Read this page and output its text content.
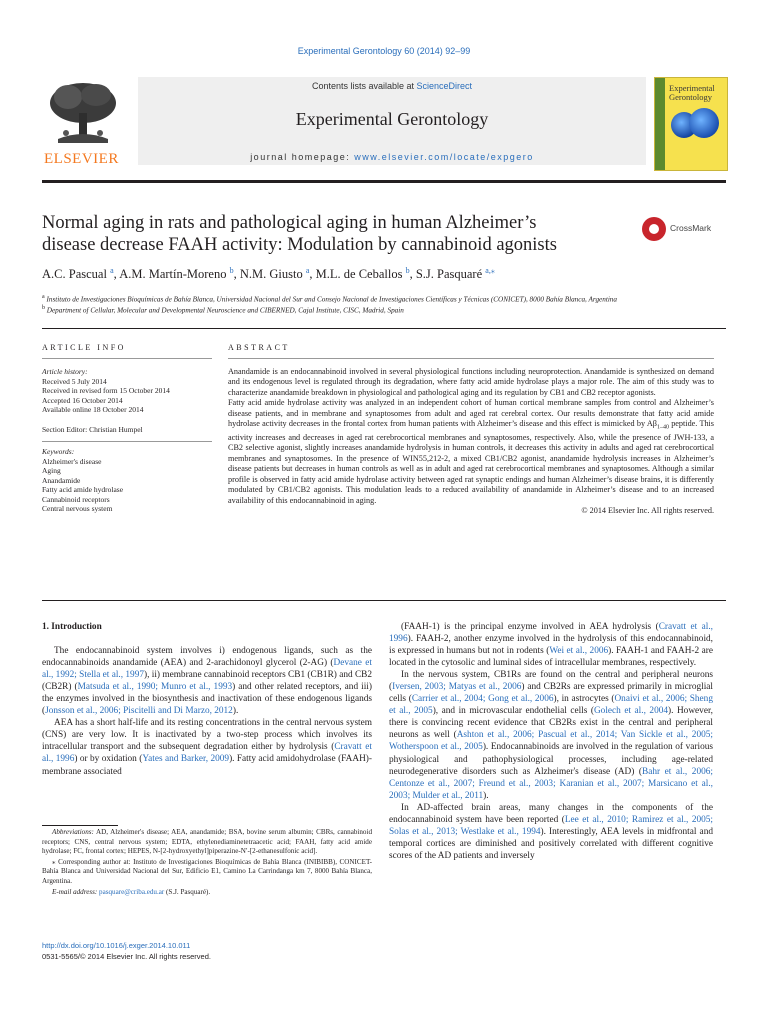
Experimental Gerontology 60 (2014) 92–99
ELSEVIER
Contents lists available at ScienceDirect
Experimental Gerontology
journal homepage: www.elsevier.com/locate/expgero
Experimental
Gerontology
Normal aging in rats and pathological aging in human Alzheimer’s
disease decrease FAAH activity: Modulation by cannabinoid agonists
CrossMark
A.C. Pascual $^a$, A.M. Martín-Moreno $^b$, N.M. Giusto $^a$, M.L. de Ceballos $^b$, S.J. Pasquaré $^{a,⁎}$
$^a$ Instituto de Investigaciones Bioquímicas de Bahía Blanca, Universidad Nacional del Sur and Consejo Nacional de Investigaciones Científicas y Técnicas (CONICET), 8000 Bahía Blanca, Argentina
$^b$ Department of Cellular, Molecular and Developmental Neuroscience and CIBERNED, Cajal Institute, CISC, Madrid, Spain
ARTICLE INFO	ABSTRACT
Article history:
Received 5 July 2014
Received in revised form 15 October 2014
Accepted 16 October 2014
Available online 18 October 2014
Section Editor: Christian Humpel
Keywords:
Alzheimer's disease
Aging
Anandamide
Fatty acid amide hydrolase
Cannabinoid receptors
Central nervous system

Anandamide is an endocannabinoid involved in several physiological functions including neuroprotection. Anandamide is synthesized on demand and its endogenous level is regulated through its degradation, where fatty acid amide hydrolase plays a major role. The aim of this study was to characterize anandamide breakdown in physiological and pathological aging and its regulation by CB1 and CB2 receptor agonists.

Fatty acid amide hydrolase activity was analyzed in an independent cohort of human cortical membrane samples from control and Alzheimer’s disease patients, and in membrane and synaptosomes from adult and aged rat cerebral cortex. Our results demonstrate that fatty acid amide hydrolase activity decreases in the frontal cortex from human patients with Alzheimer’s disease and this effect is mimicked by $A\beta_{1-40}$ peptide. This activity increases and decreases in aged rat cerebrocortical membranes and synaptosomes, respectively. Also, while the presence of JWH-133, a CB2 selective agonist, slightly increases anandamide hydrolysis in human controls, it decreases this activity in adults and aged rat cerebrocortical membranes and synaptosomes. In the presence of WIN55,212-2, a mixed CB1/CB2 agonist, anandamide hydrolysis increases in Alzheimer’s disease patients but decreases in human controls as well as in adult and aged rat cerebrocortical membranes and synaptosomes. Although a similar profile is observed in fatty acid amide hydrolase activity between aged rat synaptic endings and human Alzheimer’s disease brains, it is differently modulated by CB1/CB2 agonists. This modulation leads to a reduced availability of anandamide in Alzheimer’s disease and to an increased availability of this endocannabinoid in aging.

© 2014 Elsevier Inc. All rights reserved.

1. Introduction

The endocannabinoid system involves i) endogenous ligands, such as the endocannabinoids anandamide (AEA) and 2-arachidonoyl glycerol (2-AG) (Devane et al., 1992; Stella et al., 1997), ii) membrane cannabinoid receptors CB1 (CB1R) and CB2 (CB2R) (Matsuda et al., 1990; Munro et al., 1993) and other related receptors, and iii) the enzymes involved in the biosynthesis and inactivation of these endogenous ligands (Jonsson et al., 2006; Piscitelli and Di Marzo, 2012).

AEA has a short half-life and its resting concentrations in the central nervous system (CNS) are very low. It is inactivated by a two-step process which involves its intracellular transport and the subsequent degradation either by hydrolysis (Cravatt et al., 1996) or by oxidation (Yates and Barker, 2009). Fatty acid amidohydrolase (FAAH)-membrane associated

(FAAH-1) is the principal enzyme involved in AEA hydrolysis (Cravatt et al., 1996). FAAH-2, another enzyme involved in the hydrolysis of this endocannabinoid, is expressed in humans but not in rodents (Wei et al., 2006). FAAH-1 and FAAH-2 are located in the cytosolic and luminal sides of intracellular membranes, respectively.

In the nervous system, CB1Rs are found on the central and peripheral neurons (Iversen, 2003; Matyas et al., 2006) and CB2Rs are expressed primarily in microglial cells (Carrier et al., 2004; Gong et al., 2006), in astrocytes (Onaivi et al., 2006; Sheng et al., 2005), and in microvascular endothelial cells (Golech et al., 2004). However, there is convincing recent evidence that CB2Rs exist in the central and peripheral neurons as well (Ashton et al., 2006; Pascual et al., 2014; Van Sickle et al., 2005; Wotherspoon et al., 2005). Endocannabinoids are involved in the regulation of various physiological and pathophysiological processes, including age-related neurodegenerative disorders such as Alzheimer's disease (AD) (Bahr et al., 2006; Centonze et al., 2007; Freund et al., 2003; Karanian et al., 2007; Marsicano et al., 2003; Mulder et al., 2011).

In AD-affected brain areas, many changes in the components of the endocannabinoid system have been reported (Lee et al., 2010; Ramirez et al., 2005; Solas et al., 2013; Westlake et al., 1994). Interestingly, AEA levels in midfrontal and temporal cortices are diminished and positively correlated with different cognitive scores of the AD patients and inversely

Abbreviations: AD, Alzheimer's disease; AEA, anandamide; BSA, bovine serum albumin; CBRs, cannabinoid receptors; CNS, central nervous system; EDTA, ethylenediaminetetraacetic acid; FAAH, fatty acid amide hydrolase; FC, frontal cortex; HEPES, N-[2-hydroxyethyl]piperazine-N′-[2-ethanesulfonic acid].

⁎ Corresponding author at: Instituto de Investigaciones Bioquímicas de Bahía Blanca (INIBIBB), CONICET-Bahía Blanca and Universidad Nacional del Sur, Edificio E1, Camino La Carrindanga km 7, 8000 Bahía Blanca, Argentina.

E-mail address: pasquare@criba.edu.ar (S.J. Pasquaré).

http://dx.doi.org/10.1016/j.exger.2014.10.011
0531-5565/© 2014 Elsevier Inc. All rights reserved.
